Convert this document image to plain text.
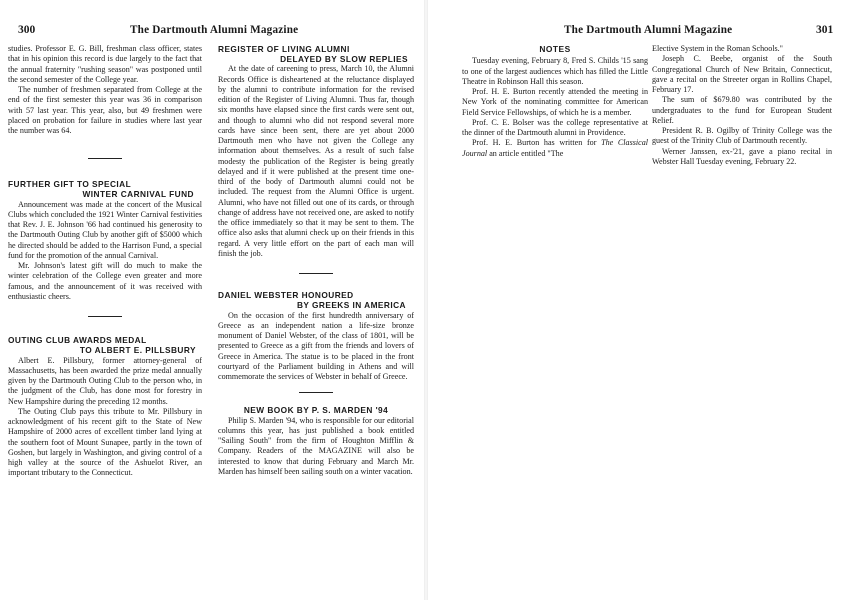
300	The Dartmouth Alumni Magazine

studies. Professor E. G. Bill, freshman class officer, states that in his opinion this record is due largely to the fact that the annual fraternity "rushing season" was postponed until the second semester of the College year.

The number of freshmen separated from College at the end of the first semester this year was 36 in comparison with 57 last year. This year, also, but 49 freshmen were placed on probation for failure in studies where last year the number was 64.

FURTHER GIFT TO SPECIAL
WINTER CARNIVAL FUND

Announcement was made at the concert of the Musical Clubs which concluded the 1921 Winter Carnival festivities that Rev. J. E. Johnson '66 had continued his generosity to the Dartmouth Outing Club by another gift of $5000 which he directed should be added to the Harrison Fund, a special fund for the promotion of the annual Carnival.

Mr. Johnson's latest gift will do much to make the winter celebration of the College even greater and more famous, and the announcement of it was received with enthusiastic cheers.

OUTING CLUB AWARDS MEDAL
TO ALBERT E. PILLSBURY

Albert E. Pillsbury, former attorney-general of Massachusetts, has been awarded the prize medal annually given by the Dartmouth Outing Club to the person who, in the judgment of the Club, has done most for forestry in New Hampshire during the preceding 12 months.

The Outing Club pays this tribute to Mr. Pillsbury in acknowledgment of his recent gift to the State of New Hampshire of 2000 acres of excellent timber land lying at the southern foot of Mount Sunapee, partly in the town of Goshen, but largely in Washington, and giving control of a high valley at the source of the Ashuelot River, an important tributary to the Connecticut.

REGISTER OF LIVING ALUMNI
DELAYED BY SLOW REPLIES

At the date of careening to press, March 10, the Alumni Records Office is disheartened at the reluctance displayed by the alumni to contribute information for the revised edition of the Register of Living Alumni. Thus far, though six months have elapsed since the first cards were sent out, and though to alumni who did not respond several more cards have since been sent, there are yet about 2000 Dartmouth men who have not given the College any information about themselves. As a result of such false modesty the publication of the Register is being greatly delayed and if it were published at the present time one-third of the body of Dartmouth alumni could not be included. The request from the Alumni Office is urgent. Alumni, who have not filled out one of its cards, or through change of address have not received one, are asked to notify the office immediately so that it may be sent to them. The office also asks that alumni check up on their friends in this regard. A very little effort on the part of each man will finish the job.

DANIEL WEBSTER HONOURED
BY GREEKS IN AMERICA

On the occasion of the first hundredth anniversary of Greece as an independent nation a life-size bronze monument of Daniel Webster, of the class of 1801, will be presented to Greece as a gift from the friends and lovers of Greece in America. The statue is to be placed in the front courtyard of the Parliament building in Athens and will commemorate the services of Webster in behalf of Greece.

NEW BOOK BY P. S. MARDEN '94

Philip S. Marden '94, who is responsible for our editorial columns this year, has just published a book entitled "Sailing South" from the firm of Houghton Mifflin & Company. Readers of the MAGAZINE will also be interested to know that during February and March Mr. Marden has himself been sailing south on a winter vacation.

The Dartmouth Alumni Magazine	301
NOTES

Tuesday evening, February 8, Fred S. Childs '15 sang to one of the largest audiences which has filled the Little Theatre in Robinson Hall this season.

Prof. H. E. Burton recently attended the meeting in New York of the nominating committee for American Field Service Fellowships, of which he is a member.

Prof. C. E. Bolser was the college representative at the dinner of the Dartmouth alumni in Providence.

Prof. H. E. Burton has written for The Classical Journal an article entitled "The

Elective System in the Roman Schools."

Joseph C. Beebe, organist of the South Congregational Church of New Britain, Connecticut, gave a recital on the Streeter organ in Rollins Chapel, February 17.

The sum of $679.80 was contributed by the undergraduates to the fund for European Student Relief.

President R. B. Ogilby of Trinity College was the guest of the Trinity Club of Dartmouth recently.

Werner Janssen, ex-'21, gave a piano recital in Webster Hall Tuesday evening, February 22.
